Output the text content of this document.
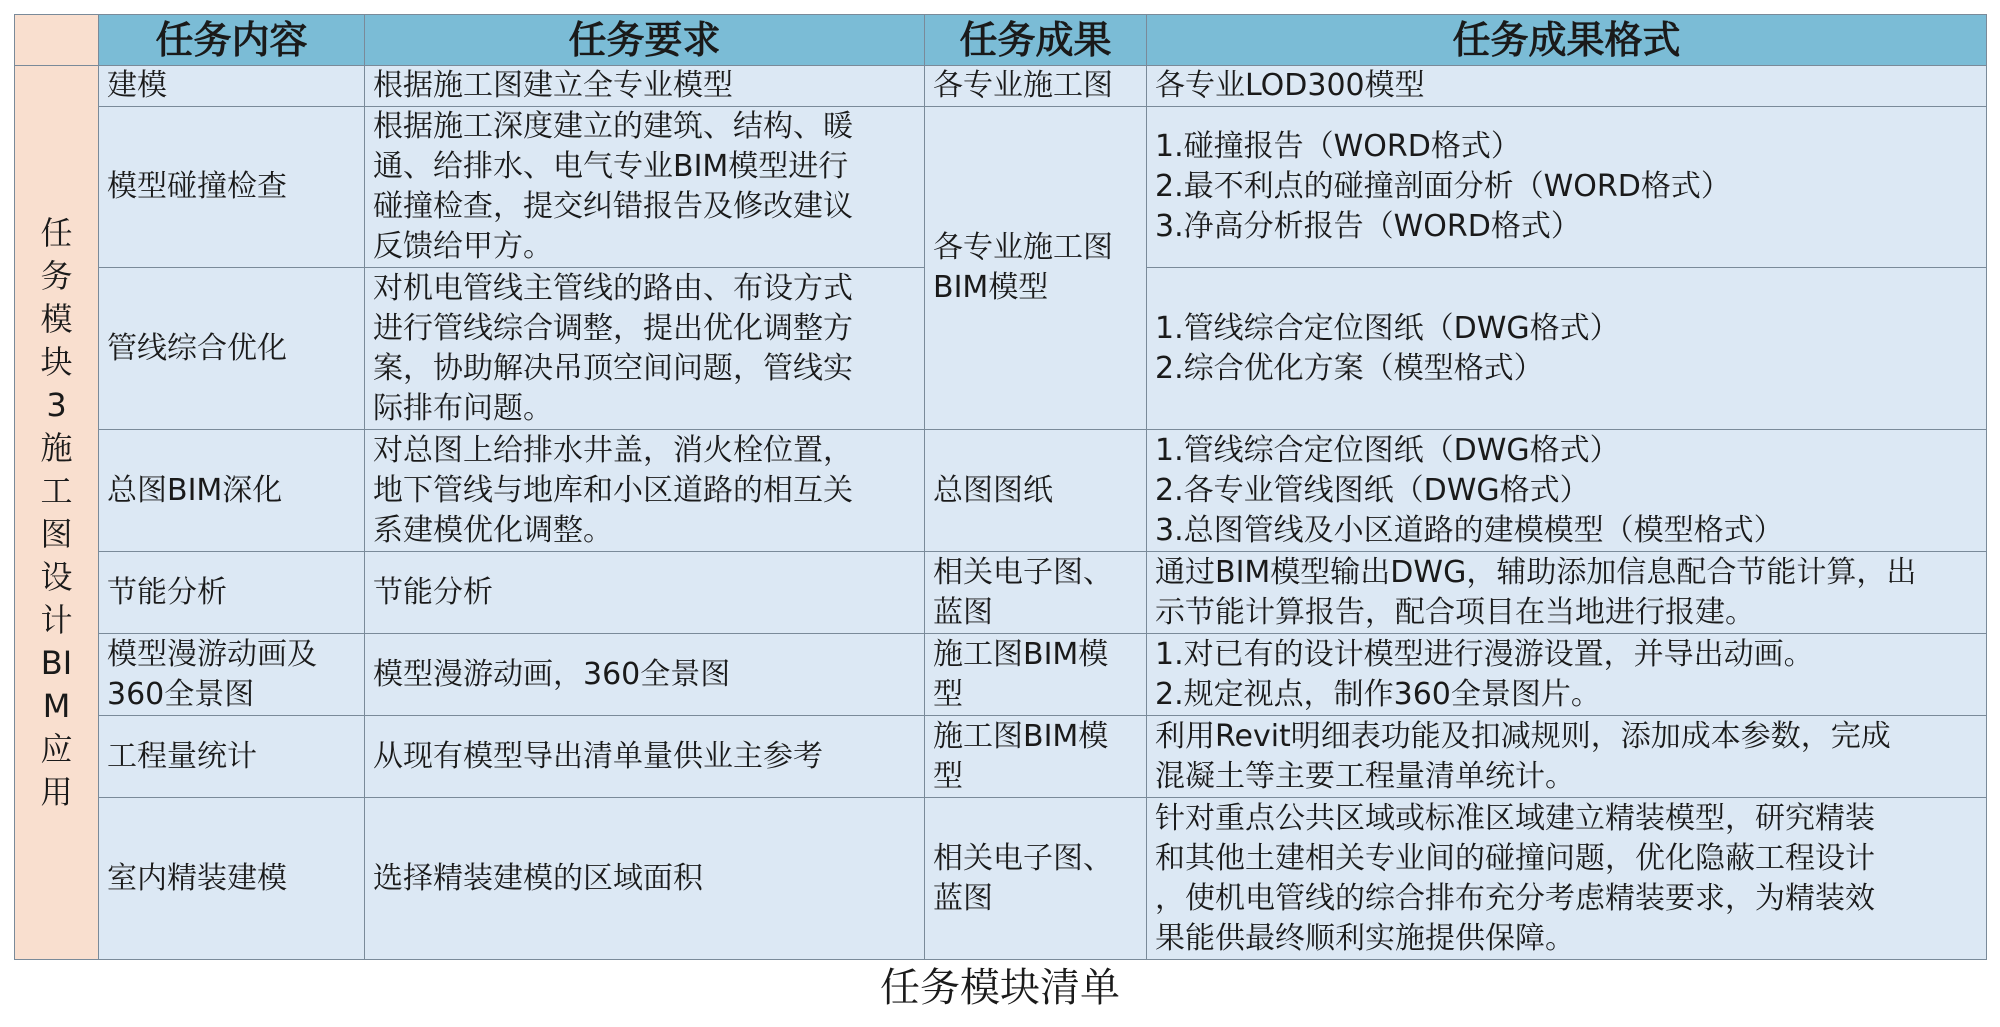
	任务内容	任务要求	任务成果	任务成果格式
任务模块3施工图设计BIM应用	建模	根据施工图建立全专业模型	各专业施工图	各专业LOD300模型

	模型碰撞检查	根据施工深度建立的建筑、结构、暖
通、给排水、电气专业BIM模型进行
碰撞检查，提交纠错报告及修改建议
反馈给甲方。	各专业施工图
BIM模型	1.碰撞报告（WORD格式）
2.最不利点的碰撞剖面分析（WORD格式）
3.净高分析报告（WORD格式）

	管线综合优化	对机电管线主管线的路由、布设方式
进行管线综合调整，提出优化调整方
案，协助解决吊顶空间问题，管线实
际排布问题。		1.管线综合定位图纸（DWG格式）
2.综合优化方案（模型格式）

	总图BIM深化	对总图上给排水井盖，消火栓位置，
地下管线与地库和小区道路的相互关
系建模优化调整。	总图图纸	1.管线综合定位图纸（DWG格式）
2.各专业管线图纸（DWG格式）
3.总图管线及小区道路的建模模型（模型格式）

	节能分析	节能分析	相关电子图、
蓝图	通过BIM模型输出DWG，辅助添加信息配合节能计算，出
示节能计算报告，配合项目在当地进行报建。

	模型漫游动画及
360全景图	模型漫游动画，360全景图	施工图BIM模
型	1.对已有的设计模型进行漫游设置，并导出动画。
2.规定视点，制作360全景图片。

	工程量统计	从现有模型导出清单量供业主参考	施工图BIM模
型	利用Revit明细表功能及扣减规则，添加成本参数，完成
混凝土等主要工程量清单统计。

	室内精装建模	选择精装建模的区域面积	相关电子图、
蓝图	针对重点公共区域或标准区域建立精装模型，研究精装
和其他土建相关专业间的碰撞问题，优化隐蔽工程设计
，使机电管线的综合排布充分考虑精装要求，为精装效
果能供最终顺利实施提供保障。
任务模块清单
